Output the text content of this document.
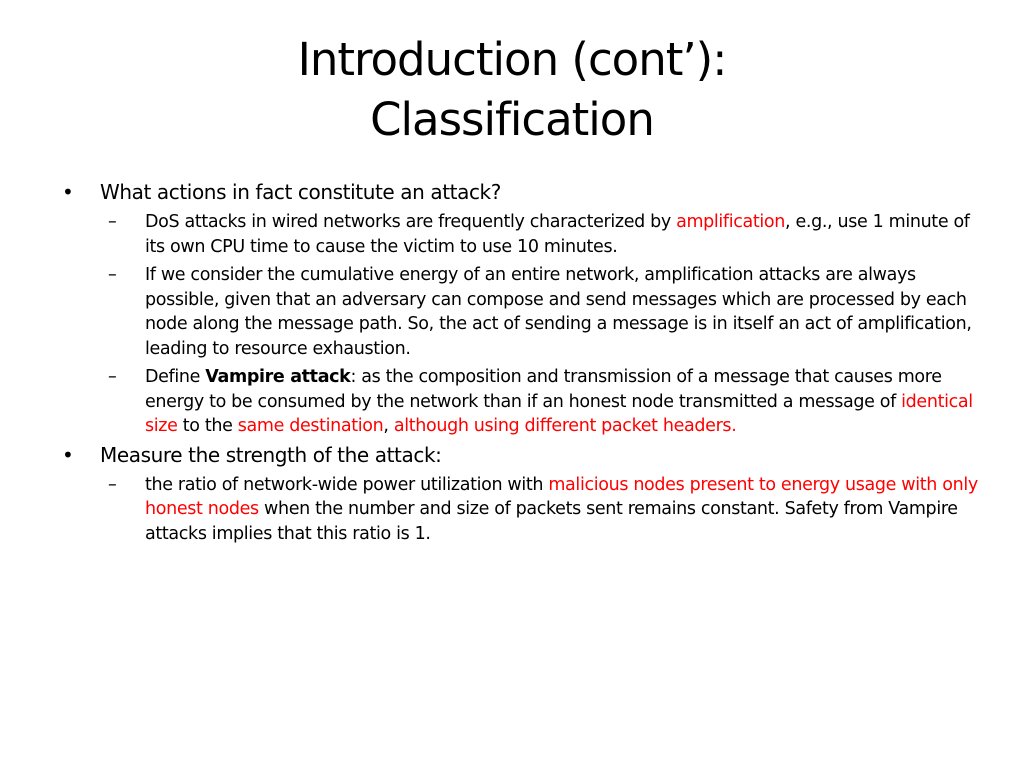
Introduction (cont’):
Classification
• What actions in fact constitute an attack?
– DoS attacks in wired networks are frequently characterized by amplification, e.g., use 1 minute of its own CPU time to cause the victim to use 10 minutes.
– If we consider the cumulative energy of an entire network, amplification attacks are always possible, given that an adversary can compose and send messages which are processed by each node along the message path. So, the act of sending a message is in itself an act of amplification, leading to resource exhaustion.
– Define Vampire attack: as the composition and transmission of a message that causes more energy to be consumed by the network than if an honest node transmitted a message of identical size to the same destination, although using different packet headers.
• Measure the strength of the attack:
– the ratio of network-wide power utilization with malicious nodes present to energy usage with only honest nodes when the number and size of packets sent remains constant. Safety from Vampire attacks implies that this ratio is 1.
